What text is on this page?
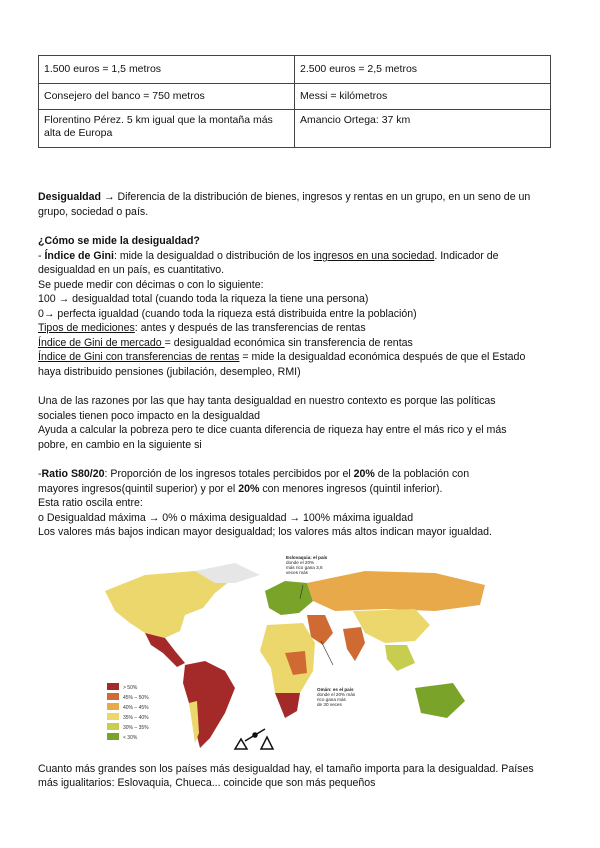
1.500 euros = 1,5 metros	2.500 euros = 2,5 metros
Consejero del banco = 750 metros	Messi = kilómetros
Florentino Pérez. 5 km igual que la montaña más alta de Europa	Amancio Ortega: 37 km
Desigualdad → Diferencia de la distribución de bienes, ingresos y rentas en un grupo, en un seno de un
grupo, sociedad o país.
¿Cómo se mide la desigualdad?
- Índice de Gini: mide la desigualdad o distribución de los ingresos en una sociedad. Indicador de
desigualdad en un país, es cuantitativo.
Se puede medir con décimas o con lo siguiente:
100 → desigualdad total (cuando toda la riqueza la tiene una persona)
0→ perfecta igualdad (cuando toda la riqueza está distribuida entre la población)
Tipos de mediciones: antes y después de las transferencias de rentas
Índice de Gini de mercado = desigualdad económica sin transferencia de rentas
Índice de Gini con transferencias de rentas = mide la desigualdad económica después de que el Estado
haya distribuido pensiones (jubilación, desempleo, RMI)
Una de las razones por las que hay tanta desigualdad en nuestro contexto es porque las políticas
sociales tienen poco impacto en la desigualdad
Ayuda a calcular la pobreza pero te dice cuanta diferencia de riqueza hay entre el más rico y el más
pobre, en cambio en la siguiente si
-Ratio S80/20: Proporción de los ingresos totales percibidos por el 20% de la población con
mayores ingresos(quintil superior) y por el 20% con menores ingresos (quintil inferior).
Esta ratio oscila entre:
o Desigualdad máxima → 0% o máxima desigualdad → 100% máxima igualdad
Los valores más bajos indican mayor desigualdad; los valores más altos indican mayor igualdad.
Eslovaquia: el país donde el 20% más rico gana 3,6 veces más
Omán: es el país donde el 20% más rico gana más de 30 veces
> 50%
45% – 50%
40% – 45%
35% – 40%
30% – 35%
< 30%
Cuanto más grandes son los países más desigualdad hay, el tamaño importa para la desigualdad. Países
más igualitarios: Eslovaquia, Chueca... coincide que son más pequeños
